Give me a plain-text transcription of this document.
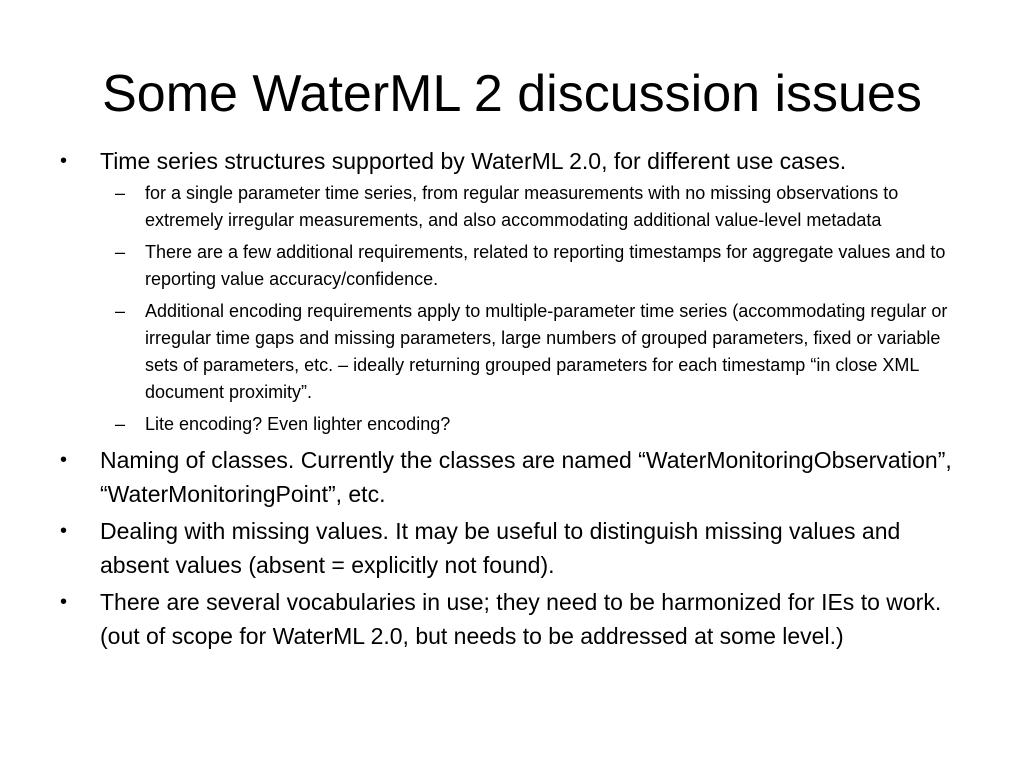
Some WaterML 2 discussion issues
•	Time series structures supported by WaterML 2.0, for different use cases.
– for a single parameter time series, from regular measurements with no missing observations to extremely irregular measurements, and also accommodating additional value-level metadata
– There are a few additional requirements, related to reporting timestamps for aggregate values and to reporting value accuracy/confidence.
– Additional encoding requirements apply to multiple-parameter time series (accommodating regular or irregular time gaps and missing parameters, large numbers of grouped parameters, fixed or variable sets of parameters, etc. – ideally returning grouped parameters for each timestamp “in close XML document proximity”.
– Lite encoding? Even lighter encoding?
•	Naming of classes. Currently the classes are named “WaterMonitoringObservation”, “WaterMonitoringPoint”, etc.
•	Dealing with missing values. It may be useful to distinguish missing values and absent values (absent = explicitly not found).
•	There are several vocabularies in use; they need to be harmonized for IEs to work. (out of scope for WaterML 2.0, but needs to be addressed at some level.)
